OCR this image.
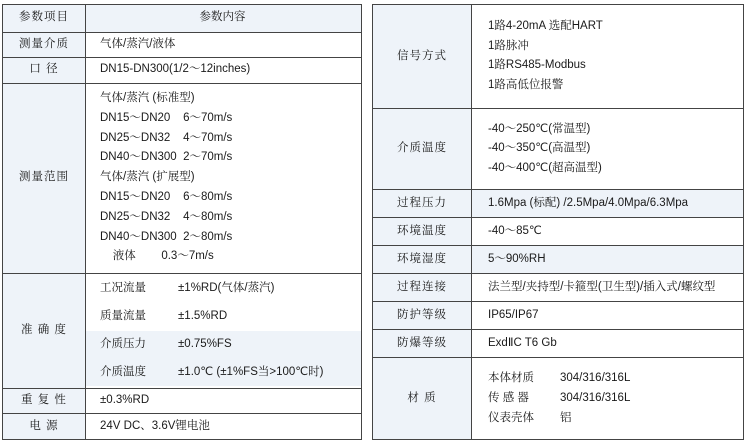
参数项目	参数内容
测量介质	气体/蒸汽/液体
口 径	DN15-DN300(1/2～12inches)
测量范围	
气体/蒸汽 (标准型)
DN15～DN20    6～70m/s
DN25～DN32    4～70m/s
DN40～DN300  2～70m/s
气体/蒸汽 (扩展型)
DN15～DN20    6～80m/s
DN25～DN32    4～80m/s
DN40～DN300  2～80m/s
液体        0.3～7m/s

准 确 度	工况流量 ±1%RD(气体/蒸汽)
质量流量 ±1.5%RD
介质压力 ±0.75%FS
介质温度 ±1.0℃ (±1%FS当>100℃时)

重 复 性	±0.3%RD
电 源	24V DC、3.6V锂电池
信号方式	1路4-20mA 选配HART
1路脉冲
1路RS485-Modbus
1路高低位报警

介质温度	-40～250℃(常温型)
-40～350℃(高温型)
-40～400℃(超高温型)

过程压力	1.6Mpa (标配) /2.5Mpa/4.0Mpa/6.3Mpa
环境温度	-40～85℃
环境湿度	5～90%RH
过程连接	法兰型/夹持型/卡箍型(卫生型)/插入式/螺纹型
防护等级	IP65/IP67
防爆等级	ExdⅡC T6 Gb
材 质	本体材质 304/316/316L
传 感 器 304/316/316L
仪表壳体 铝
